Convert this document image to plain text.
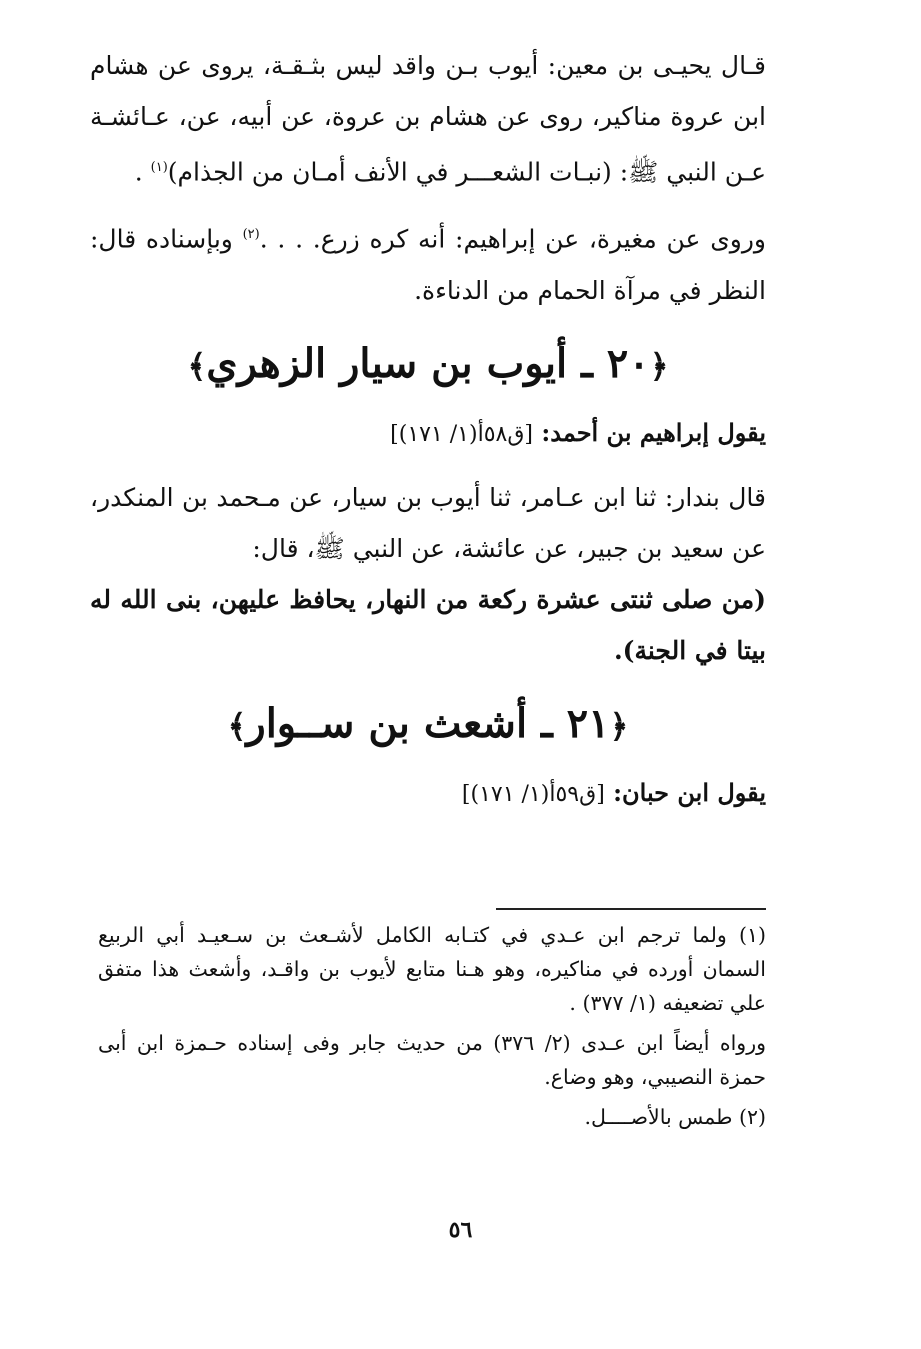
قـال يحيـى بن معين: أيوب بـن واقد ليس بثـقـة، يروى عن هشام ابن عروة مناكير، روى عن هشام بن عروة، عن أبيه، عن، عـائشـة عـن النبي ﷺ: (نبـات الشعـــر في الأنف أمـان من الجذام)$^{(١)}$ .

وروى عن مغيرة، عن إبراهيم: أنه كره زرع. . . .$^{(٢)}$ وبإسناده قال: النظر في مرآة الحمام من الدناءة.

﴿٢٠ ـ أيوب بن سيار الزهري﴾
يقول إبراهيم بن أحمد: [ق٥٨أ(١/ ١٧١)]

قال بندار: ثنا ابن عـامر، ثنا أيوب بن سيار، عن مـحمد بن المنكدر، عن سعيد بن جبير، عن عائشة، عن النبي ﷺ، قال:

(من صلى ثنتى عشرة ركعة من النهار، يحافظ عليهن، بنى الله له بيتا في الجنة).

﴿٢١ ـ أشعث بن ســوار﴾
يقول ابن حبان: [ق٥٩أ(١/ ١٧١)]

(١) ولما ترجم ابن عـدي في كتـابه الكامل لأشـعث بن سـعيـد أبي الربيع السمان أورده في مناكيره، وهو هـنا متابع لأيوب بن واقـد، وأشعث هذا متفق علي تضعيفه (١/ ٣٧٧) .

ورواه أيضاً ابن عـدى (٢/ ٣٧٦) من حديث جابر وفى إسناده حـمزة ابن أبى حمزة النصيبي، وهو وضاع.

(٢) طمس بالأصــــل.

٥٦
